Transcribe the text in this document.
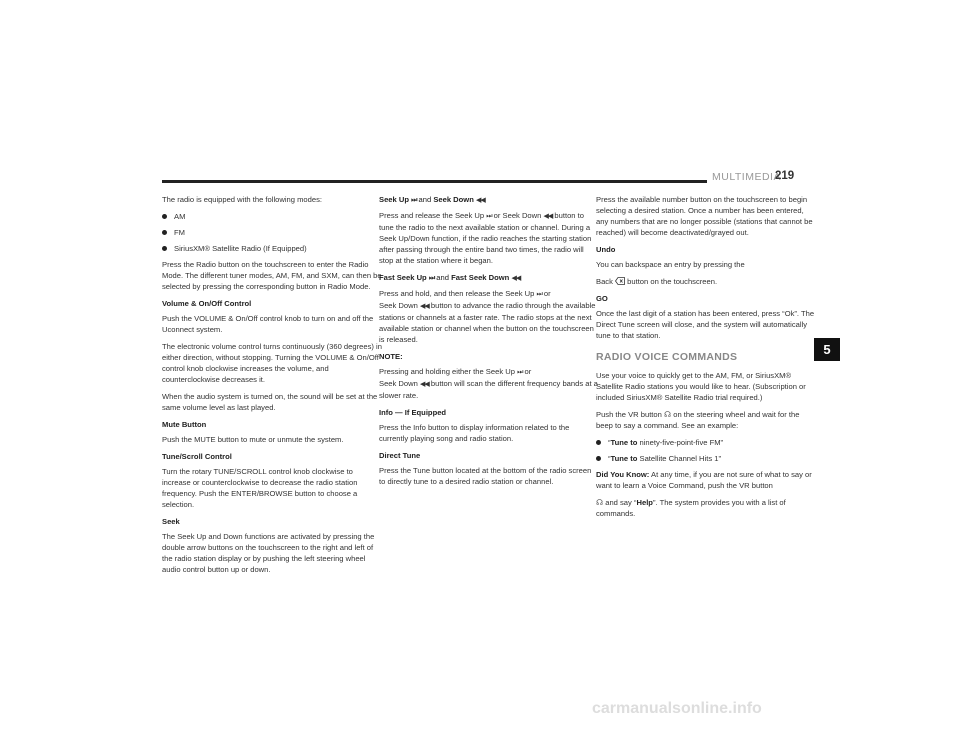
MULTIMEDIA
219
5

The radio is equipped with the following modes:

AM

FM

SiriusXM® Satellite Radio (If Equipped)

Press the Radio button on the touchscreen to enter the Radio Mode. The different tuner modes, AM, FM, and SXM, can then be selected by pressing the corresponding button in Radio Mode.

Volume & On/Off Control

Push the VOLUME & On/Off control knob to turn on and off the Uconnect system.

The electronic volume control turns continuously (360 degrees) in either direction, without stopping. Turning the VOLUME & On/Off control knob clockwise increases the volume, and counterclockwise decreases it.

When the audio system is turned on, the sound will be set at the same volume level as last played.

Mute Button

Push the MUTE button to mute or unmute the system.

Tune/Scroll Control

Turn the rotary TUNE/SCROLL control knob clockwise to increase or counterclockwise to decrease the radio station frequency. Push the ENTER/BROWSE button to choose a selection.

Seek

The Seek Up and Down functions are activated by pressing the double arrow buttons on the touchscreen to the right and left of the radio station display or by pushing the left steering wheel audio control button up or down.

Seek Up ⏭ and Seek Down ◀◀

Press and release the Seek Up ⏭ or Seek Down ◀◀ button to tune the radio to the next available station or channel. During a Seek Up/Down function, if the radio reaches the starting station after passing through the entire band two times, the radio will stop at the station where it began.

Fast Seek Up ⏭ and Fast Seek Down ◀◀

Press and hold, and then release the Seek Up ⏭ or
Seek Down ◀◀ button to advance the radio through the available stations or channels at a faster rate. The radio stops at the next available station or channel when the button on the touchscreen is released.

NOTE:

Pressing and holding either the Seek Up ⏭ or
Seek Down ◀◀ button will scan the different frequency bands at a slower rate.

Info — If Equipped

Press the Info button to display information related to the currently playing song and radio station.

Direct Tune

Press the Tune button located at the bottom of the radio screen to directly tune to a desired radio station or channel.

Press the available number button on the touchscreen to begin selecting a desired station. Once a number has been entered, any numbers that are no longer possible (stations that cannot be reached) will become deactivated/grayed out.

Undo

You can backspace an entry by pressing the

Back button on the touchscreen.

GO

Once the last digit of a station has been entered, press “Ok”. The Direct Tune screen will close, and the system will automatically tune to that station.

RADIO VOICE COMMANDS

Use your voice to quickly get to the AM, FM, or SiriusXM® Satellite Radio stations you would like to hear. (Subscription or included SiriusXM® Satellite Radio trial required.)

Push the VR button ☊ on the steering wheel and wait for the beep to say a command. See an example:

“Tune to ninety-five-point-five FM”

“Tune to Satellite Channel Hits 1”

Did You Know: At any time, if you are not sure of what to say or want to learn a Voice Command, push the VR button

☊ and say “Help”. The system provides you with a list of commands.

carmanualsonline.info
